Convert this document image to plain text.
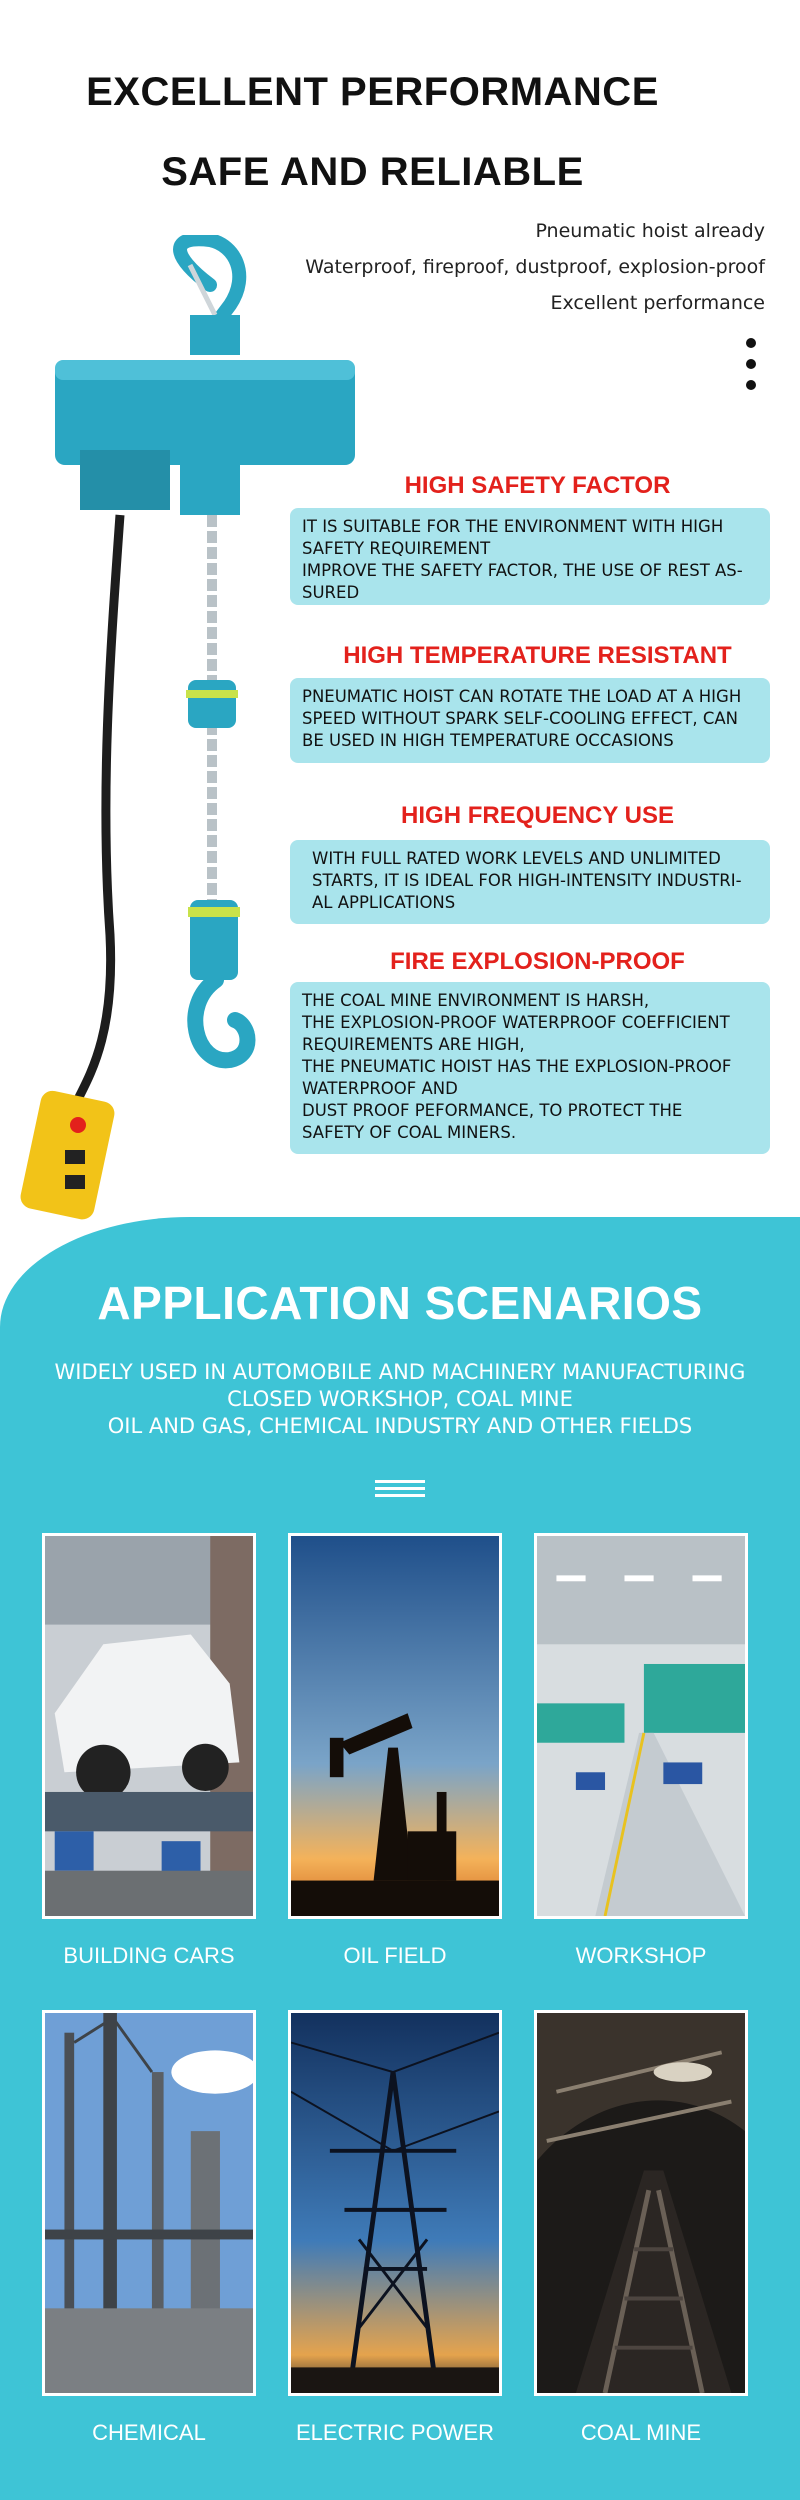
EXCELLENT PERFORMANCE
SAFE AND RELIABLE
Pneumatic hoist already
Waterproof, fireproof, dustproof, explosion-proof
Excellent performance
HIGH SAFETY FACTOR
IT IS SUITABLE FOR THE ENVIRONMENT WITH HIGH
SAFETY REQUIREMENT
IMPROVE THE SAFETY FACTOR, THE USE OF REST AS-
SURED
HIGH TEMPERATURE RESISTANT
PNEUMATIC HOIST CAN ROTATE THE LOAD AT A HIGH
SPEED WITHOUT SPARK SELF-COOLING EFFECT, CAN
BE USED IN HIGH TEMPERATURE OCCASIONS
HIGH FREQUENCY USE
WITH FULL RATED WORK LEVELS AND UNLIMITED
STARTS, IT IS IDEAL FOR HIGH-INTENSITY INDUSTRI-
AL APPLICATIONS
FIRE EXPLOSION-PROOF
THE COAL MINE ENVIRONMENT IS HARSH,
THE EXPLOSION-PROOF WATERPROOF COEFFICIENT
REQUIREMENTS ARE HIGH,
THE PNEUMATIC HOIST HAS THE EXPLOSION-PROOF
WATERPROOF AND
DUST PROOF PEFORMANCE, TO PROTECT THE
SAFETY OF COAL MINERS.
APPLICATION SCENARIOS
WIDELY USED IN AUTOMOBILE AND MACHINERY MANUFACTURING
CLOSED WORKSHOP, COAL MINE
OIL AND GAS, CHEMICAL INDUSTRY AND OTHER FIELDS
BUILDING CARS	OIL FIELD	WORKSHOP
CHEMICAL	ELECTRIC POWER	COAL MINE
